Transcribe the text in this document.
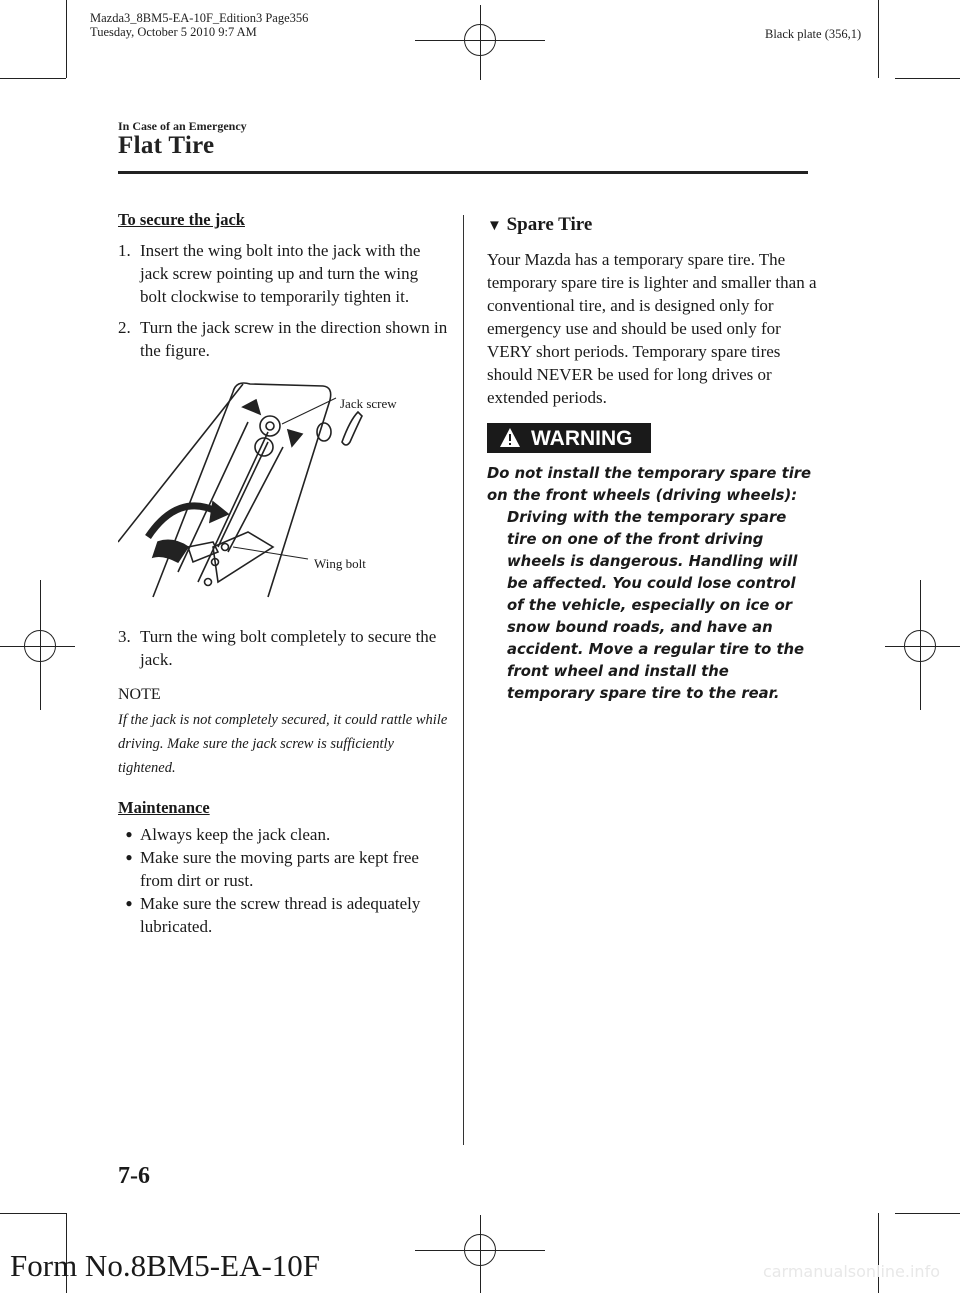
Mazda3_8BM5-EA-10F_Edition3 Page356
Tuesday, October 5 2010 9:7 AM	Black plate (356,1)
In Case of an Emergency
Flat Tire
To secure the jack
1. Insert the wing bolt into the jack with the jack screw pointing up and turn the wing bolt clockwise to temporarily tighten it.
2. Turn the jack screw in the direction shown in the figure.
Jack screw
Wing bolt
3. Turn the wing bolt completely to secure the jack.
NOTE
If the jack is not completely secured, it could rattle while driving. Make sure the jack screw is sufficiently tightened.
Maintenance
● Always keep the jack clean.
● Make sure the moving parts are kept free from dirt or rust.
● Make sure the screw thread is adequately lubricated.
▼ Spare Tire
Your Mazda has a temporary spare tire. The temporary spare tire is lighter and smaller than a conventional tire, and is designed only for emergency use and should be used only for VERY short periods. Temporary spare tires should NEVER be used for long drives or extended periods.
WARNING
Do not install the temporary spare tire on the front wheels (driving wheels):
Driving with the temporary spare tire on one of the front driving wheels is dangerous. Handling will be affected. You could lose control of the vehicle, especially on ice or snow bound roads, and have an accident. Move a regular tire to the front wheel and install the temporary spare tire to the rear.
7-6
Form No.8BM5-EA-10F	carmanualsonline.info
